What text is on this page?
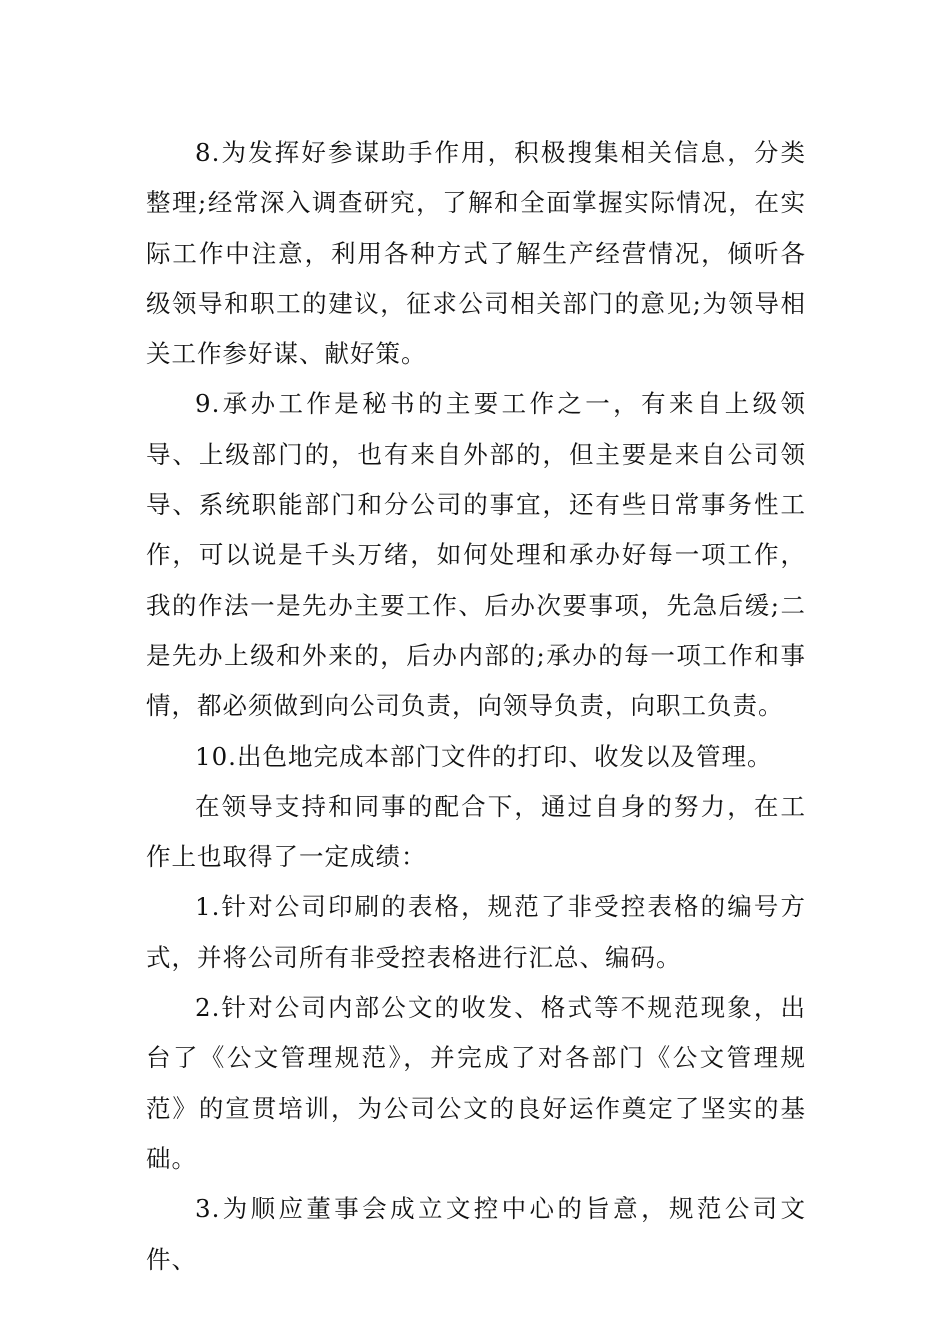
8.为发挥好参谋助手作用，积极搜集相关信息，分类整理;经常深入调查研究，了解和全面掌握实际情况，在实际工作中注意，利用各种方式了解生产经营情况，倾听各级领导和职工的建议，征求公司相关部门的意见;为领导相关工作参好谋、献好策。

9.承办工作是秘书的主要工作之一，有来自上级领导、上级部门的，也有来自外部的，但主要是来自公司领导、系统职能部门和分公司的事宜，还有些日常事务性工作，可以说是千头万绪，如何处理和承办好每一项工作，我的作法一是先办主要工作、后办次要事项，先急后缓;二是先办上级和外来的，后办内部的;承办的每一项工作和事情，都必须做到向公司负责，向领导负责，向职工负责。

10.出色地完成本部门文件的打印、收发以及管理。

在领导支持和同事的配合下，通过自身的努力，在工作上也取得了一定成绩：

1.针对公司印刷的表格，规范了非受控表格的编号方式，并将公司所有非受控表格进行汇总、编码。

2.针对公司内部公文的收发、格式等不规范现象，出台了《公文管理规范》，并完成了对各部门《公文管理规范》的宣贯培训，为公司公文的良好运作奠定了坚实的基础。

3.为顺应董事会成立文控中心的旨意，规范公司文件、
